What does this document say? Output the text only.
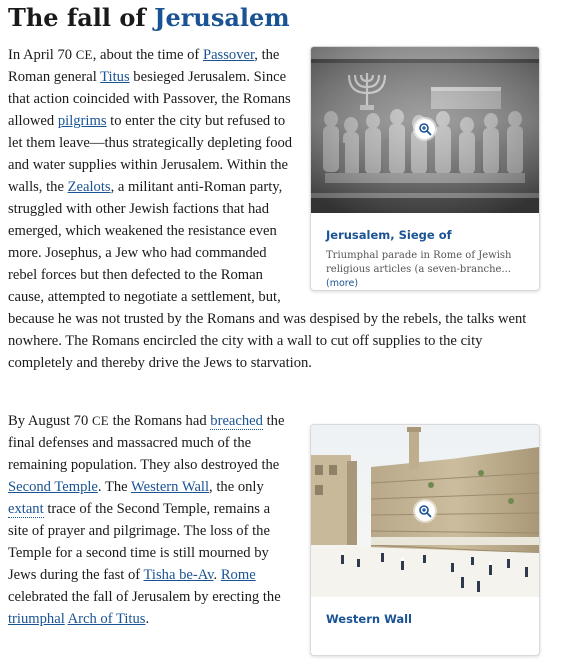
The fall of Jerusalem
Jerusalem, Siege of
Triumphal parade in Rome of Jewish religious articles (a seven-branche...(more)
In April 70 CE, about the time of Passover, the Roman general Titus besieged Jerusalem. Since that action coincided with Passover, the Romans allowed pilgrims to enter the city but refused to let them leave—thus strategically depleting food and water supplies within Jerusalem. Within the walls, the Zealots, a militant anti-Roman party, struggled with other Jewish factions that had emerged, which weakened the resistance even more. Josephus, a Jew who had commanded rebel forces but then defected to the Roman cause, attempted to negotiate a settlement, but, because he was not trusted by the Romans and was despised by the rebels, the talks went nowhere. The Romans encircled the city with a wall to cut off supplies to the city completely and thereby drive the Jews to starvation.
Western Wall
By August 70 CE the Romans had breached the final defenses and massacred much of the remaining population. They also destroyed the Second Temple. The Western Wall, the only extant trace of the Second Temple, remains a site of prayer and pilgrimage. The loss of the Temple for a second time is still mourned by Jews during the fast of Tisha be-Av. Rome celebrated the fall of Jerusalem by erecting the triumphal Arch of Titus.
